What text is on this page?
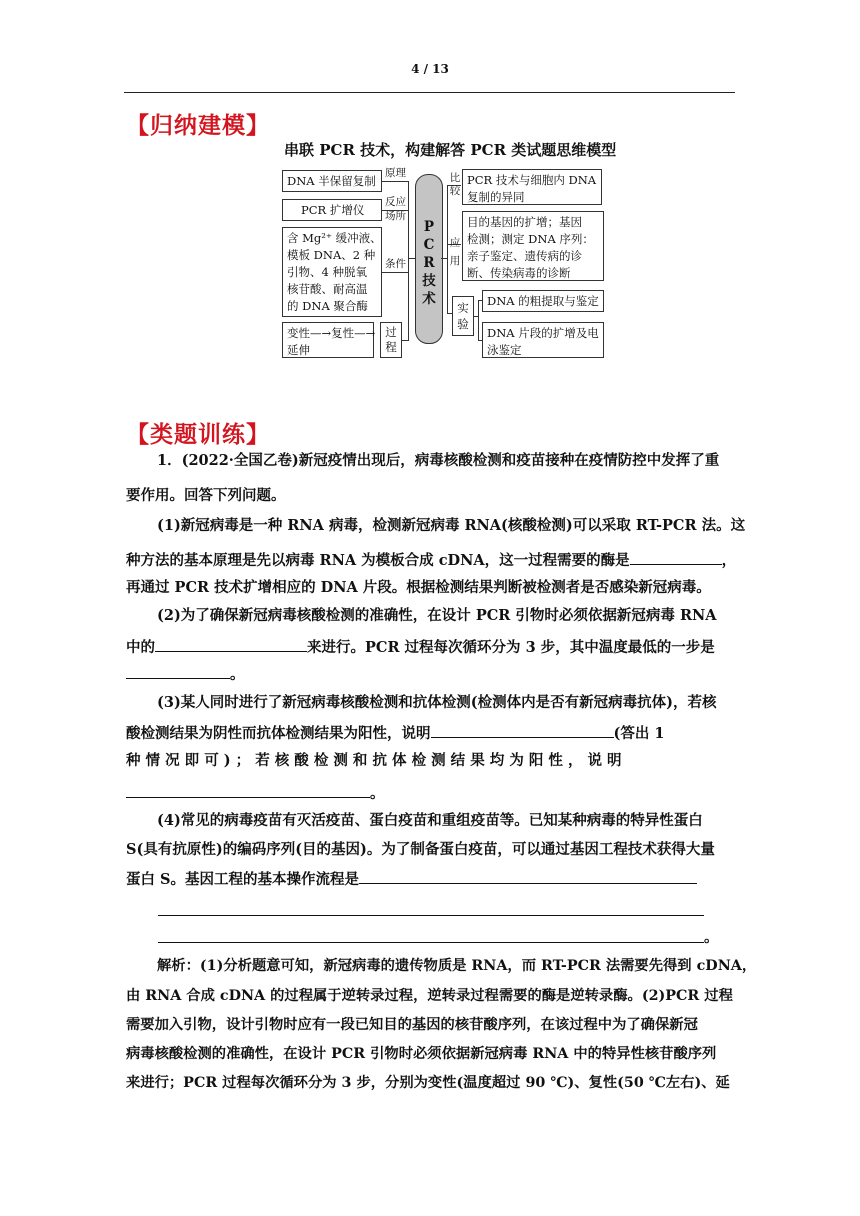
4 / 13
【归纳建模】
串联 PCR 技术，构建解答 PCR 类试题思维模型
DNA 半保留复制
原理
PCR 扩增仪
反应
场所
含 Mg²⁺ 缓冲液、
模板 DNA、2 种
引物、4 种脱氧
核苷酸、耐高温
的 DNA 聚合酶
条件
变性—→复性—→
延伸
过
程
P
C
R
技
术
比
较
PCR 技术与细胞内 DNA
复制的异同
应
用
目的基因的扩增；基因
检测；测定 DNA 序列：
亲子鉴定、遗传病的诊
断、传染病毒的诊断
实
验
DNA 的粗提取与鉴定
DNA 片段的扩增及电
泳鉴定
【类题训练】
1．(2022·全国乙卷)新冠疫情出现后，病毒核酸检测和疫苗接种在疫情防控中发挥了重
要作用。回答下列问题。
(1)新冠病毒是一种 RNA 病毒，检测新冠病毒 RNA(核酸检测)可以采取 RT-PCR 法。这
种方法的基本原理是先以病毒 RNA 为模板合成 cDNA，这一过程需要的酶是	，
再通过 PCR 技术扩增相应的 DNA 片段。根据检测结果判断被检测者是否感染新冠病毒。
(2)为了确保新冠病毒核酸检测的准确性，在设计 PCR 引物时必须依据新冠病毒 RNA
中的	来进行。PCR 过程每次循环分为 3 步，其中温度最低的一步是
。
(3)某人同时进行了新冠病毒核酸检测和抗体检测(检测体内是否有新冠病毒抗体)，若核
酸检测结果为阴性而抗体检测结果为阳性，说明	(答出 1
种 情 况 即 可 ) ； 若 核 酸 检 测 和 抗 体 检 测 结 果 均 为 阳 性 ， 说 明
。
(4)常见的病毒疫苗有灭活疫苗、蛋白疫苗和重组疫苗等。已知某种病毒的特异性蛋白
S(具有抗原性)的编码序列(目的基因)。为了制备蛋白疫苗，可以通过基因工程技术获得大量
蛋白 S。基因工程的基本操作流程是
。
解析：(1)分析题意可知，新冠病毒的遗传物质是 RNA，而 RT-PCR 法需要先得到 cDNA，
由 RNA 合成 cDNA 的过程属于逆转录过程，逆转录过程需要的酶是逆转录酶。(2)PCR 过程
需要加入引物，设计引物时应有一段已知目的基因的核苷酸序列，在该过程中为了确保新冠
病毒核酸检测的准确性，在设计 PCR 引物时必须依据新冠病毒 RNA 中的特异性核苷酸序列
来进行；PCR 过程每次循环分为 3 步，分别为变性(温度超过 90 ℃)、复性(50 ℃左右)、延
